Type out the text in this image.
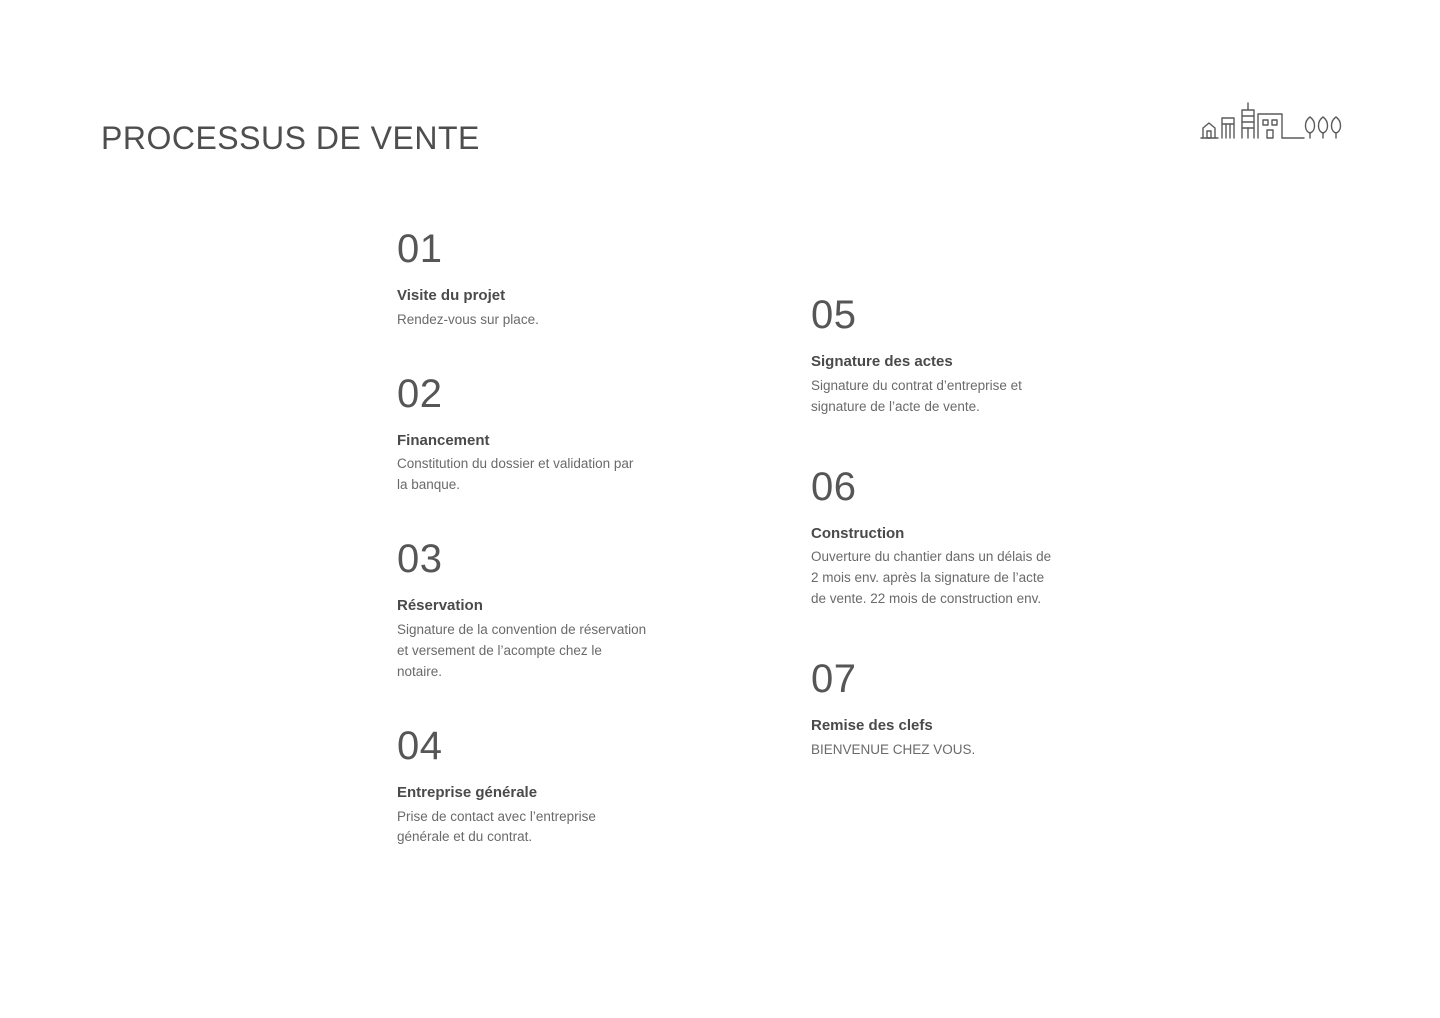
PROCESSUS DE VENTE
01
Visite du projet
Rendez-vous sur place.
02
Financement
Constitution du dossier et validation par la banque.
03
Réservation
Signature de la convention de réservation et versement de l’acompte chez le notaire.
04
Entreprise générale
Prise de contact avec l’entreprise générale et du contrat.
05
Signature des actes
Signature du contrat d’entreprise et signature de l’acte de vente.
06
Construction
Ouverture du chantier dans un délais de 2 mois env. après la signature de l’acte de vente. 22 mois de construction env.
07
Remise des clefs
BIENVENUE CHEZ VOUS.
